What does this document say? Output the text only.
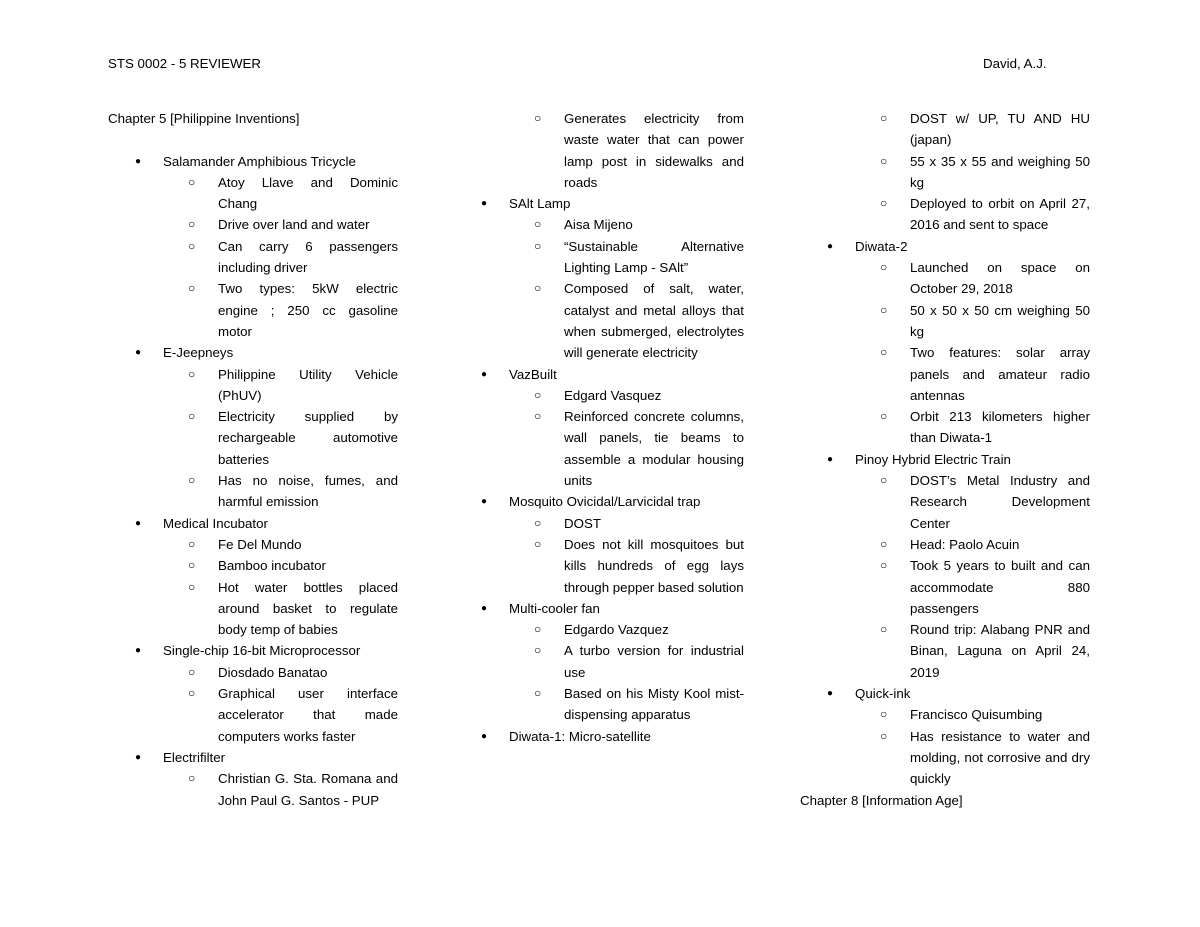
STS 0002 - 5 REVIEWER	David, A.J.
Chapter 5 [Philippine Inventions]
● Salamander Amphibious Tricycle
○ Atoy Llave and Dominic Chang
○ Drive over land and water
○ Can carry 6 passengers including driver
○ Two types: 5kW electric engine ; 250 cc gasoline motor
● E-Jeepneys
○ Philippine Utility Vehicle (PhUV)
○ Electricity supplied by rechargeable automotive batteries
○ Has no noise, fumes, and harmful emission
● Medical Incubator
○ Fe Del Mundo
○ Bamboo incubator
○ Hot water bottles placed around basket to regulate body temp of babies
● Single-chip 16-bit Microprocessor
○ Diosdado Banatao
○ Graphical user interface accelerator that made computers works faster
● Electrifilter
○ Christian G. Sta. Romana and John Paul G. Santos - PUP
○ Generates electricity from waste water that can power lamp post in sidewalks and roads
● SAlt Lamp
○ Aisa Mijeno
○ “Sustainable Alternative Lighting Lamp - SAlt”
○ Composed of salt, water, catalyst and metal alloys that when submerged, electrolytes will generate electricity
● VazBuilt
○ Edgard Vasquez
○ Reinforced concrete columns, wall panels, tie beams to assemble a modular housing units
● Mosquito Ovicidal/Larvicidal trap
○ DOST
○ Does not kill mosquitoes but kills hundreds of egg lays through pepper based solution
● Multi-cooler fan
○ Edgardo Vazquez
○ A turbo version for industrial use
○ Based on his Misty Kool mist-dispensing apparatus
● Diwata-1: Micro-satellite
○ DOST w/ UP, TU AND HU (japan)
○ 55 x 35 x 55 and weighing 50 kg
○ Deployed to orbit on April 27, 2016 and sent to space
● Diwata-2
○ Launched on space on October 29, 2018
○ 50 x 50 x 50 cm weighing 50 kg
○ Two features: solar array panels and amateur radio antennas
○ Orbit 213 kilometers higher than Diwata-1
● Pinoy Hybrid Electric Train
○ DOST’s Metal Industry and Research Development Center
○ Head: Paolo Acuin
○ Took 5 years to built and can accommodate 880 passengers
○ Round trip: Alabang PNR and Binan, Laguna on April 24, 2019
● Quick-ink
○ Francisco Quisumbing
○ Has resistance to water and molding, not corrosive and dry quickly
Chapter 8 [Information Age]
